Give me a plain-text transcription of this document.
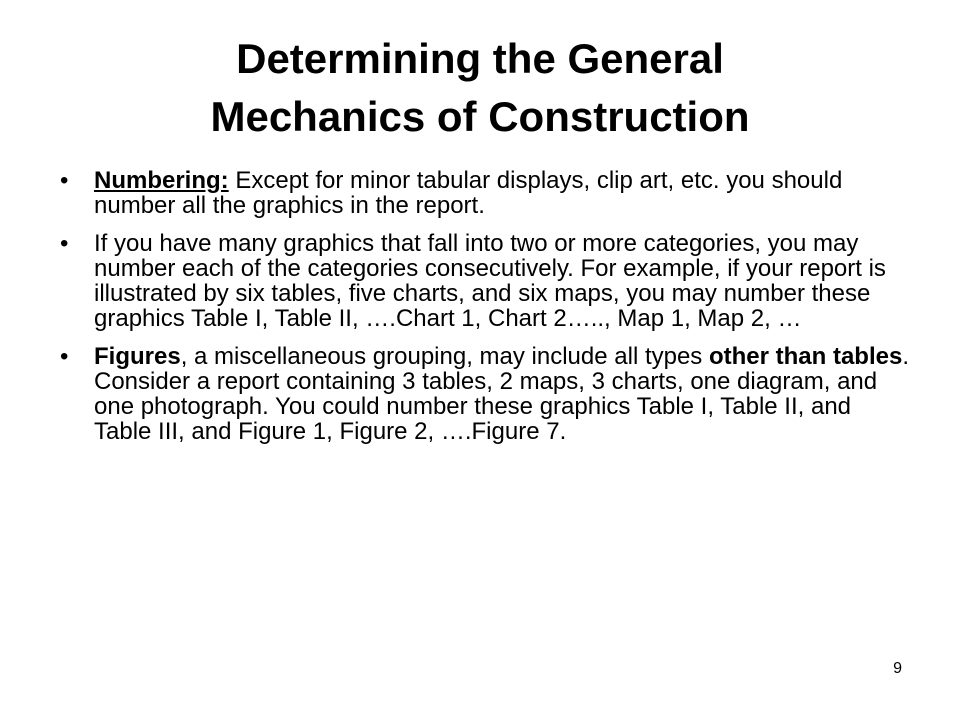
Determining the General
Mechanics of Construction
• Numbering: Except for minor tabular displays, clip art, etc. you should number all the graphics in the report.
• If you have many graphics that fall into two or more categories, you may number each of the categories consecutively. For example, if your report is illustrated by six tables, five charts, and six maps, you may number these graphics Table I, Table II, ….Chart 1, Chart 2….., Map 1, Map 2, …
• Figures, a miscellaneous grouping, may include all types other than tables. Consider a report containing 3 tables, 2 maps, 3 charts, one diagram, and one photograph. You could number these graphics Table I, Table II, and Table III, and Figure 1, Figure 2, ….Figure 7.
9
